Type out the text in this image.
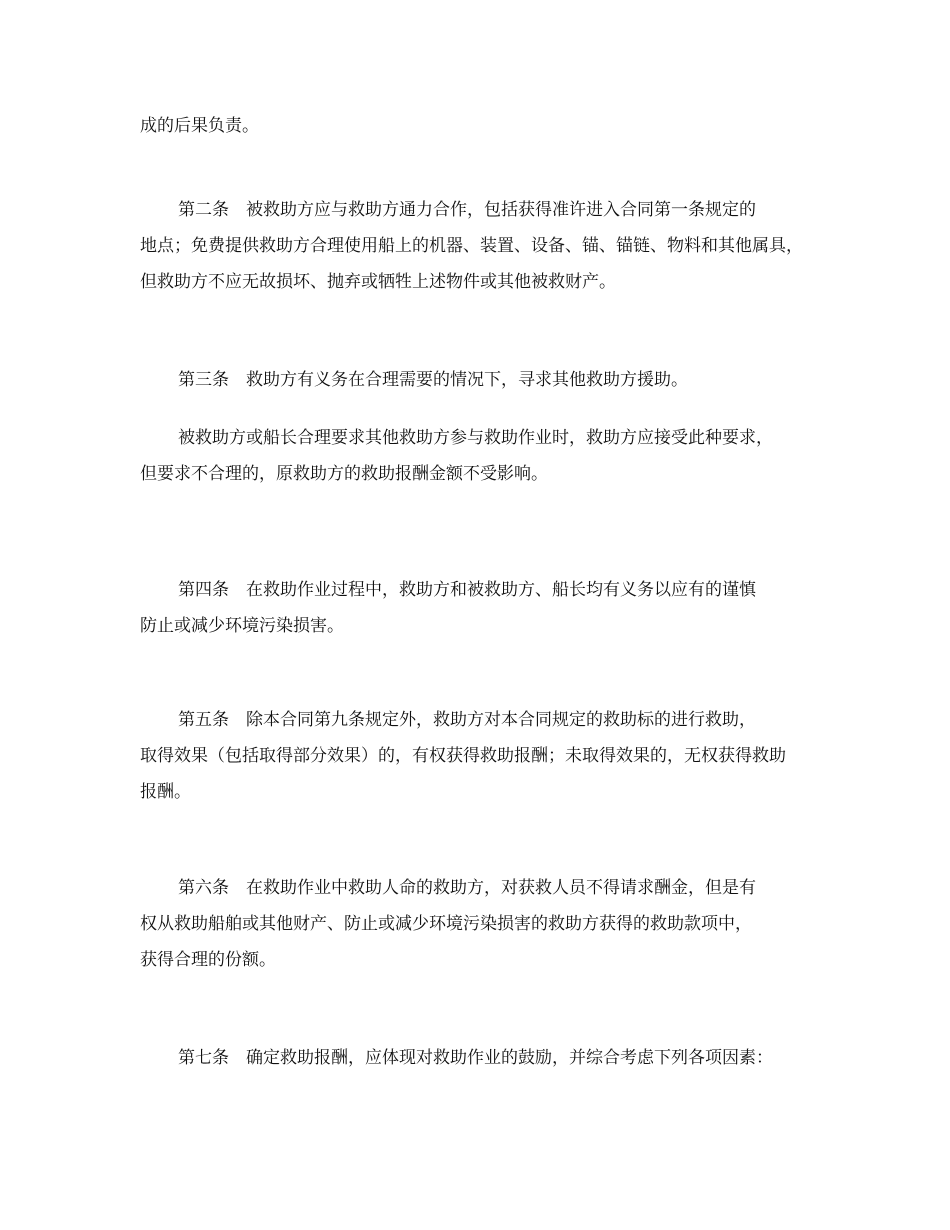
成的后果负责。

第二条　被救助方应与救助方通力合作，包括获得准许进入合同第一条规定的
地点；免费提供救助方合理使用船上的机器、装置、设备、锚、锚链、物料和其他属具，
但救助方不应无故损坏、抛弃或牺牲上述物件或其他被救财产。

第三条　救助方有义务在合理需要的情况下，寻求其他救助方援助。

被救助方或船长合理要求其他救助方参与救助作业时，救助方应接受此种要求，
但要求不合理的，原救助方的救助报酬金额不受影响。

第四条　在救助作业过程中，救助方和被救助方、船长均有义务以应有的谨慎
防止或减少环境污染损害。

第五条　除本合同第九条规定外，救助方对本合同规定的救助标的进行救助，
取得效果（包括取得部分效果）的，有权获得救助报酬；未取得效果的，无权获得救助
报酬。

第六条　在救助作业中救助人命的救助方，对获救人员不得请求酬金，但是有
权从救助船舶或其他财产、防止或减少环境污染损害的救助方获得的救助款项中，
获得合理的份额。

第七条　确定救助报酬，应体现对救助作业的鼓励，并综合考虑下列各项因素：
